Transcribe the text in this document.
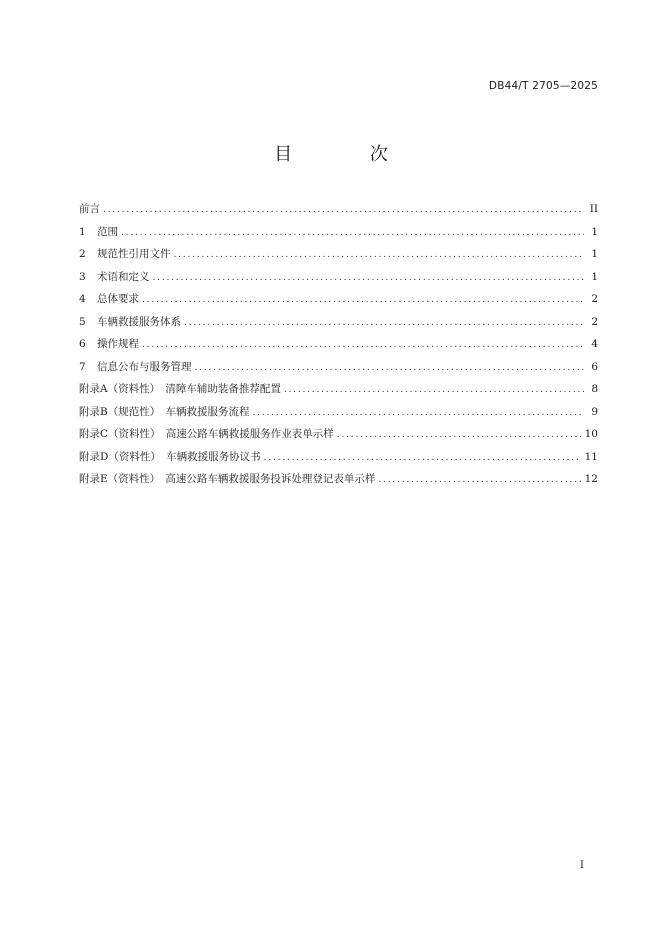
DB44/T 2705—2025
目 次
前言 .....	II
1	范围 .....	1
2	规范性引用文件 .....	1
3	术语和定义 .....	1
4	总体要求 .....	2
5	车辆救援服务体系 .....	2
6	操作规程 .....	4
7	信息公布与服务管理 .....	6
附录A（资料性）　清障车辅助装备推荐配置 .....	8
附录B（规范性）　车辆救援服务流程 .....	9
附录C（资料性）　高速公路车辆救援服务作业表单示样 .....	10
附录D（资料性）　车辆救援服务协议书 .....	11
附录E（资料性）　高速公路车辆救援服务投诉处理登记表单示样 .....	12
I
